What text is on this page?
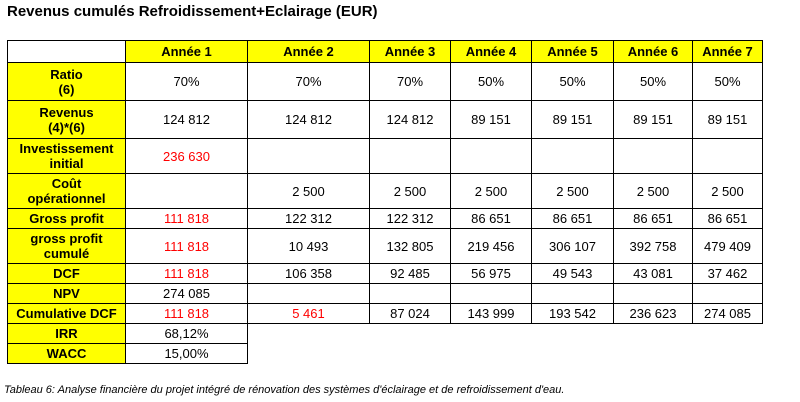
Revenus cumulés Refroidissement+Eclairage (EUR)
	Année 1	Année 2	Année 3	Année 4	Année 5	Année 6	Année 7
Ratio
(6)	70%	70%	70%	50%	50%	50%	50%
Revenus
(4)*(6)	124 812	124 812	124 812	89 151	89 151	89 151	89 151
Investissement
initial	236 630						
Coût
opérationnel		2 500	2 500	2 500	2 500	2 500	2 500
Gross profit	111 818	122 312	122 312	86 651	86 651	86 651	86 651
gross profit
cumulé	111 818	10 493	132 805	219 456	306 107	392 758	479 409
DCF	111 818	106 358	92 485	56 975	49 543	43 081	37 462
NPV	274 085						
Cumulative DCF	111 818	5 461	87 024	143 999	193 542	236 623	274 085
IRR	68,12%						
WACC	15,00%						
Tableau 6: Analyse financière du projet intégré de rénovation des systèmes d'éclairage et de refroidissement d'eau.
